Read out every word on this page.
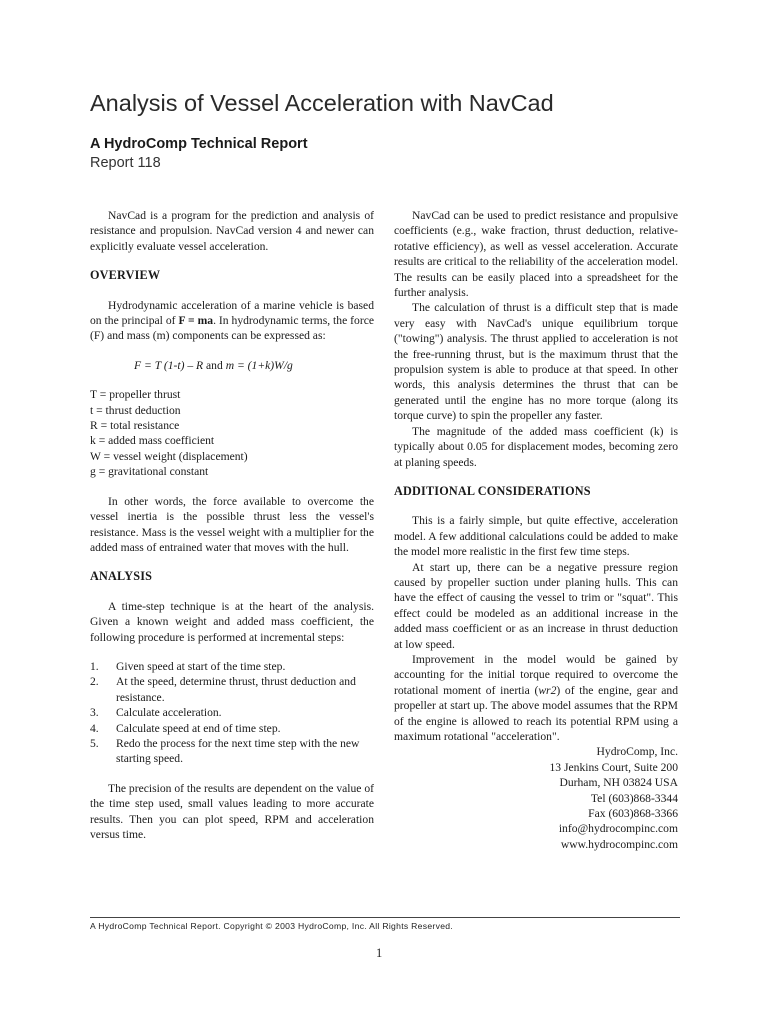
Analysis of Vessel Acceleration with NavCad
A HydroComp Technical Report
Report 118

NavCad is a program for the prediction and analysis of resistance and propulsion. NavCad version 4 and newer can explicitly evaluate vessel acceleration.

OVERVIEW

Hydrodynamic acceleration of a marine vehicle is based on the principal of F = ma. In hydrodynamic terms, the force (F) and mass (m) components can be expressed as:

F = T (1-t) – R and m = (1+k)W/g

T = propeller thrust
t = thrust deduction
R = total resistance
k = added mass coefficient
W = vessel weight (displacement)
g = gravitational constant

In other words, the force available to overcome the vessel inertia is the possible thrust less the vessel's resistance. Mass is the vessel weight with a multiplier for the added mass of entrained water that moves with the hull.

ANALYSIS

A time-step technique is at the heart of the analysis. Given a known weight and added mass coefficient, the following procedure is performed at incremental steps:

1.	Given speed at start of the time step.
2.	At the speed, determine thrust, thrust deduction and resistance.
3.	Calculate acceleration.
4.	Calculate speed at end of time step.
5.	Redo the process for the next time step with the new starting speed.

The precision of the results are dependent on the value of the time step used, small values leading to more accurate results. Then you can plot speed, RPM and acceleration versus time.

NavCad can be used to predict resistance and propulsive coefficients (e.g., wake fraction, thrust deduction, relative-rotative efficiency), as well as vessel acceleration. Accurate results are critical to the reliability of the acceleration model. The results can be easily placed into a spreadsheet for the further analysis.

The calculation of thrust is a difficult step that is made very easy with NavCad's unique equilibrium torque ("towing") analysis. The thrust applied to acceleration is not the free-running thrust, but is the maximum thrust that the propulsion system is able to produce at that speed. In other words, this analysis determines the thrust that can be generated until the engine has no more torque (along its torque curve) to spin the propeller any faster.

The magnitude of the added mass coefficient (k) is typically about 0.05 for displacement modes, becoming zero at planing speeds.

ADDITIONAL CONSIDERATIONS

This is a fairly simple, but quite effective, acceleration model. A few additional calculations could be added to make the model more realistic in the first few time steps.

At start up, there can be a negative pressure region caused by propeller suction under planing hulls. This can have the effect of causing the vessel to trim or "squat". This effect could be modeled as an additional increase in the added mass coefficient or as an increase in thrust deduction at low speed.

Improvement in the model would be gained by accounting for the initial torque required to overcome the rotational moment of inertia (wr2) of the engine, gear and propeller at start up. The above model assumes that the RPM of the engine is allowed to reach its potential RPM using a maximum rotational "acceleration".

HydroComp, Inc.
13 Jenkins Court, Suite 200
Durham, NH 03824 USA
Tel (603)868-3344
Fax (603)868-3366
info@hydrocompinc.com
www.hydrocompinc.com
A HydroComp Technical Report. Copyright © 2003 HydroComp, Inc. All Rights Reserved.
1
